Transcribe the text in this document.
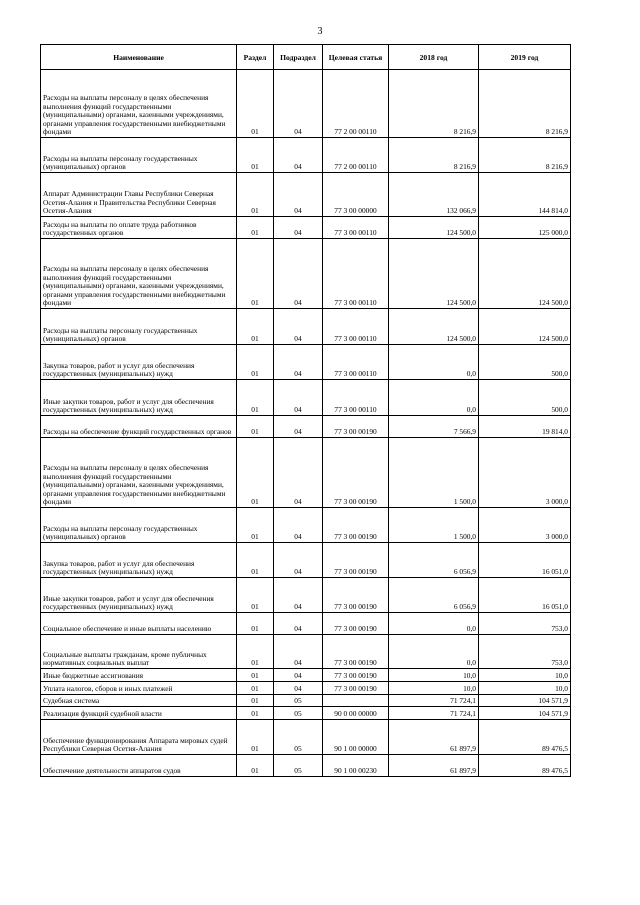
3
Наименование	Раздел	Подраздел	Целевая статья	2018 год	2019 год
Расходы на выплаты персоналу в целях обеспечения выполнения функций государственными (муниципальными) органами, казенными учреждениями, органами управления государственными внебюджетными фондами	01	04	77 2 00 00110	8 216,9	8 216,9
Расходы на выплаты персоналу государственных (муниципальных) органов	01	04	77 2 00 00110	8 216,9	8 216,9
Аппарат Администрации Главы Республики Северная Осетия-Алания и Правительства Республики Северная Осетия-Алания	01	04	77 3 00 00000	132 066,9	144 814,0
Расходы на выплаты по оплате труда работников государственных органов	01	04	77 3 00 00110	124 500,0	125 000,0
Расходы на выплаты персоналу в целях обеспечения выполнения функций государственными (муниципальными) органами, казенными учреждениями, органами управления государственными внебюджетными фондами	01	04	77 3 00 00110	124 500,0	124 500,0
Расходы на выплаты персоналу государственных (муниципальных) органов	01	04	77 3 00 00110	124 500,0	124 500,0
Закупка товаров, работ и услуг для обеспечения государственных (муниципальных) нужд	01	04	77 3 00 00110	0,0	500,0
Иные закупки товаров, работ и услуг для обеспечения государственных (муниципальных) нужд	01	04	77 3 00 00110	0,0	500,0
Расходы на обеспечение функций государственных органов	01	04	77 3 00 00190	7 566,9	19 814,0
Расходы на выплаты персоналу в целях обеспечения выполнения функций государственными (муниципальными) органами, казенными учреждениями, органами управления государственными внебюджетными фондами	01	04	77 3 00 00190	1 500,0	3 000,0
Расходы на выплаты персоналу государственных (муниципальных) органов	01	04	77 3 00 00190	1 500,0	3 000,0
Закупка товаров, работ и услуг для обеспечения государственных (муниципальных) нужд	01	04	77 3 00 00190	6 056,9	16 051,0
Иные закупки товаров, работ и услуг для обеспечения государственных (муниципальных) нужд	01	04	77 3 00 00190	6 056,9	16 051,0
Социальное обеспечение и иные выплаты населению	01	04	77 3 00 00190	0,0	753,0
Социальные выплаты гражданам, кроме публичных нормативных социальных выплат	01	04	77 3 00 00190	0,0	753,0
Иные бюджетные ассигнования	01	04	77 3 00 00190	10,0	10,0
Уплата налогов, сборов и иных платежей	01	04	77 3 00 00190	10,0	10,0
Судебная система	01	05		71 724,1	104 571,9
Реализация функций судебной власти	01	05	90 0 00 00000	71 724,1	104 571,9
Обеспечение функционирования Аппарата мировых судей Республики Северная Осетия-Алания	01	05	90 1 00 00000	61 897,9	89 476,5
Обеспечение деятельности аппаратов судов	01	05	90 1 00 00230	61 897,9	89 476,5
